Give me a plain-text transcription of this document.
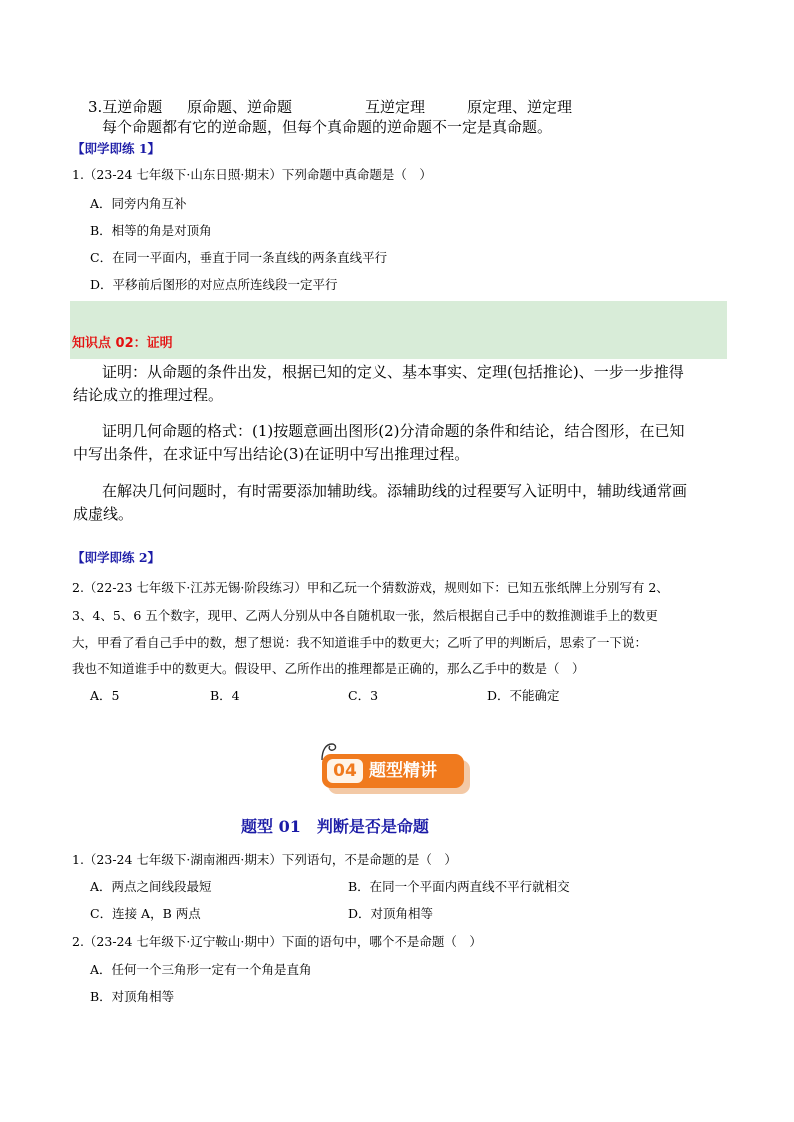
3.互逆命题 原命题、逆命题	互逆定理	原定理、逆定理
每个命题都有它的逆命题，但每个真命题的逆命题不一定是真命题。
【即学即练 1】
1.（23-24 七年级下·山东日照·期末）下列命题中真命题是（　）
A．同旁内角互补
B．相等的角是对顶角
C．在同一平面内，垂直于同一条直线的两条直线平行
D．平移前后图形的对应点所连线段一定平行
知识点 02：证明
证明：从命题的条件出发，根据已知的定义、基本事实、定理(包括推论)、一步一步推得
结论成立的推理过程。
证明几何命题的格式：(1)按题意画出图形(2)分清命题的条件和结论，结合图形，在已知
中写出条件，在求证中写出结论(3)在证明中写出推理过程。
在解决几何问题时，有时需要添加辅助线。添辅助线的过程要写入证明中，辅助线通常画
成虚线。
【即学即练 2】
2.（22-23 七年级下·江苏无锡·阶段练习）甲和乙玩一个猜数游戏，规则如下：已知五张纸牌上分别写有 2、
3、4、5、6 五个数字，现甲、乙两人分别从中各自随机取一张，然后根据自己手中的数推测谁手上的数更
大，甲看了看自己手中的数，想了想说：我不知道谁手中的数更大；乙听了甲的判断后，思索了一下说：
我也不知道谁手中的数更大。假设甲、乙所作出的推理都是正确的，那么乙手中的数是（　）
A．5	B．4	C．3	D．不能确定
04 题型精讲
题型 01　判断是否是命题
1.（23-24 七年级下·湖南湘西·期末）下列语句，不是命题的是（　）
A．两点之间线段最短	B．在同一个平面内两直线不平行就相交
C．连接 A，B 两点	D．对顶角相等
2.（23-24 七年级下·辽宁鞍山·期中）下面的语句中，哪个不是命题（　）
A．任何一个三角形一定有一个角是直角
B．对顶角相等
